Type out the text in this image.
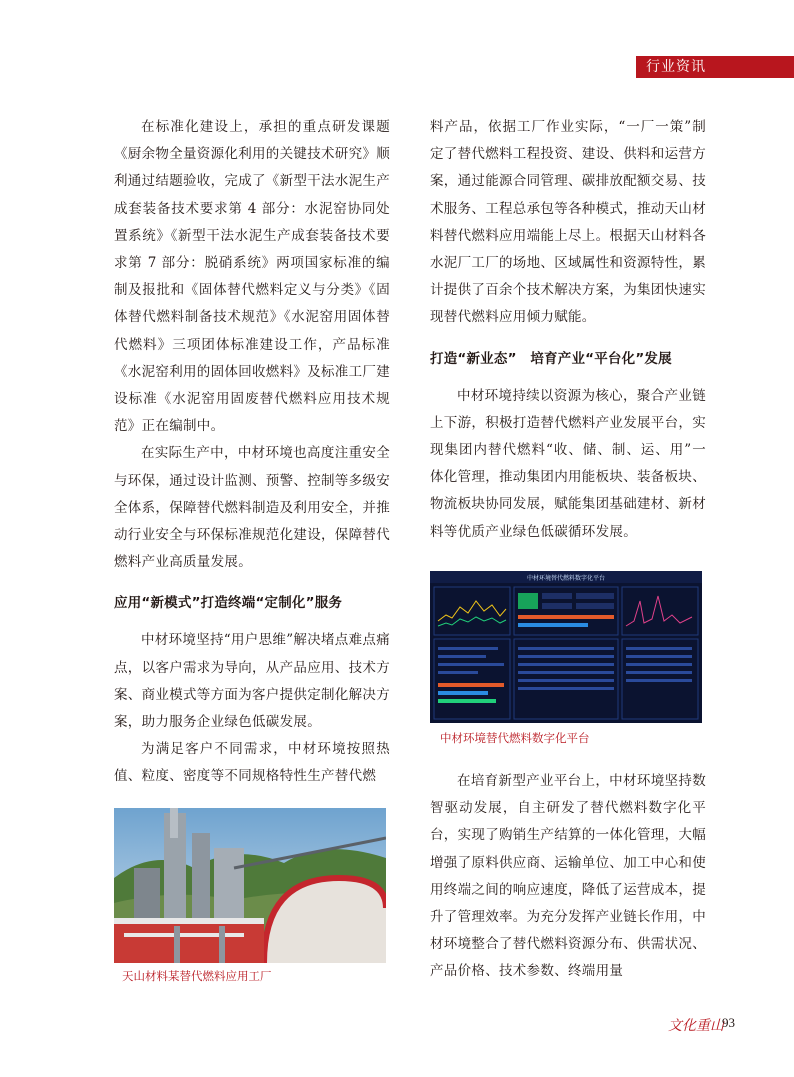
行业资讯

在标准化建设上，承担的重点研发课题《厨余物全量资源化利用的关键技术研究》顺利通过结题验收，完成了《新型干法水泥生产成套装备技术要求第 4 部分：水泥窑协同处置系统》《新型干法水泥生产成套装备技术要求第 7 部分：脱硝系统》两项国家标准的编制及报批和《固体替代燃料定义与分类》《固体替代燃料制备技术规范》《水泥窑用固体替代燃料》三项团体标准建设工作，产品标准《水泥窑利用的固体回收燃料》及标准工厂建设标准《水泥窑用固废替代燃料应用技术规范》正在编制中。

在实际生产中，中材环境也高度注重安全与环保，通过设计监测、预警、控制等多级安全体系，保障替代燃料制造及利用安全，并推动行业安全与环保标准规范化建设，保障替代燃料产业高质量发展。

应用“新模式”打造终端“定制化”服务

中材环境坚持“用户思维”解决堵点难点痛点，以客户需求为导向，从产品应用、技术方案、商业模式等方面为客户提供定制化解决方案，助力服务企业绿色低碳发展。

为满足客户不同需求，中材环境按照热值、粒度、密度等不同规格特性生产替代燃

天山材料某替代燃料应用工厂

料产品，依据工厂作业实际，“一厂一策”制定了替代燃料工程投资、建设、供料和运营方案，通过能源合同管理、碳排放配额交易、技术服务、工程总承包等各种模式，推动天山材料替代燃料应用端能上尽上。根据天山材料各水泥厂工厂的场地、区域属性和资源特性，累计提供了百余个技术解决方案，为集团快速实现替代燃料应用倾力赋能。

打造“新业态”　培育产业“平台化”发展

中材环境持续以资源为核心，聚合产业链上下游，积极打造替代燃料产业发展平台，实现集团内替代燃料“收、储、制、运、用”一体化管理，推动集团内用能板块、装备板块、物流板块协同发展，赋能集团基础建材、新材料等优质产业绿色低碳循环发展。

中材环境替代燃料数字化平台

中材环境替代燃料数字化平台

在培育新型产业平台上，中材环境坚持数智驱动发展，自主研发了替代燃料数字化平台，实现了购销生产结算的一体化管理，大幅增强了原料供应商、运输单位、加工中心和使用终端之间的响应速度，降低了运营成本，提升了管理效率。为充分发挥产业链长作用，中材环境整合了替代燃料资源分布、供需状况、产品价格、技术参数、终端用量

文化重山
93
